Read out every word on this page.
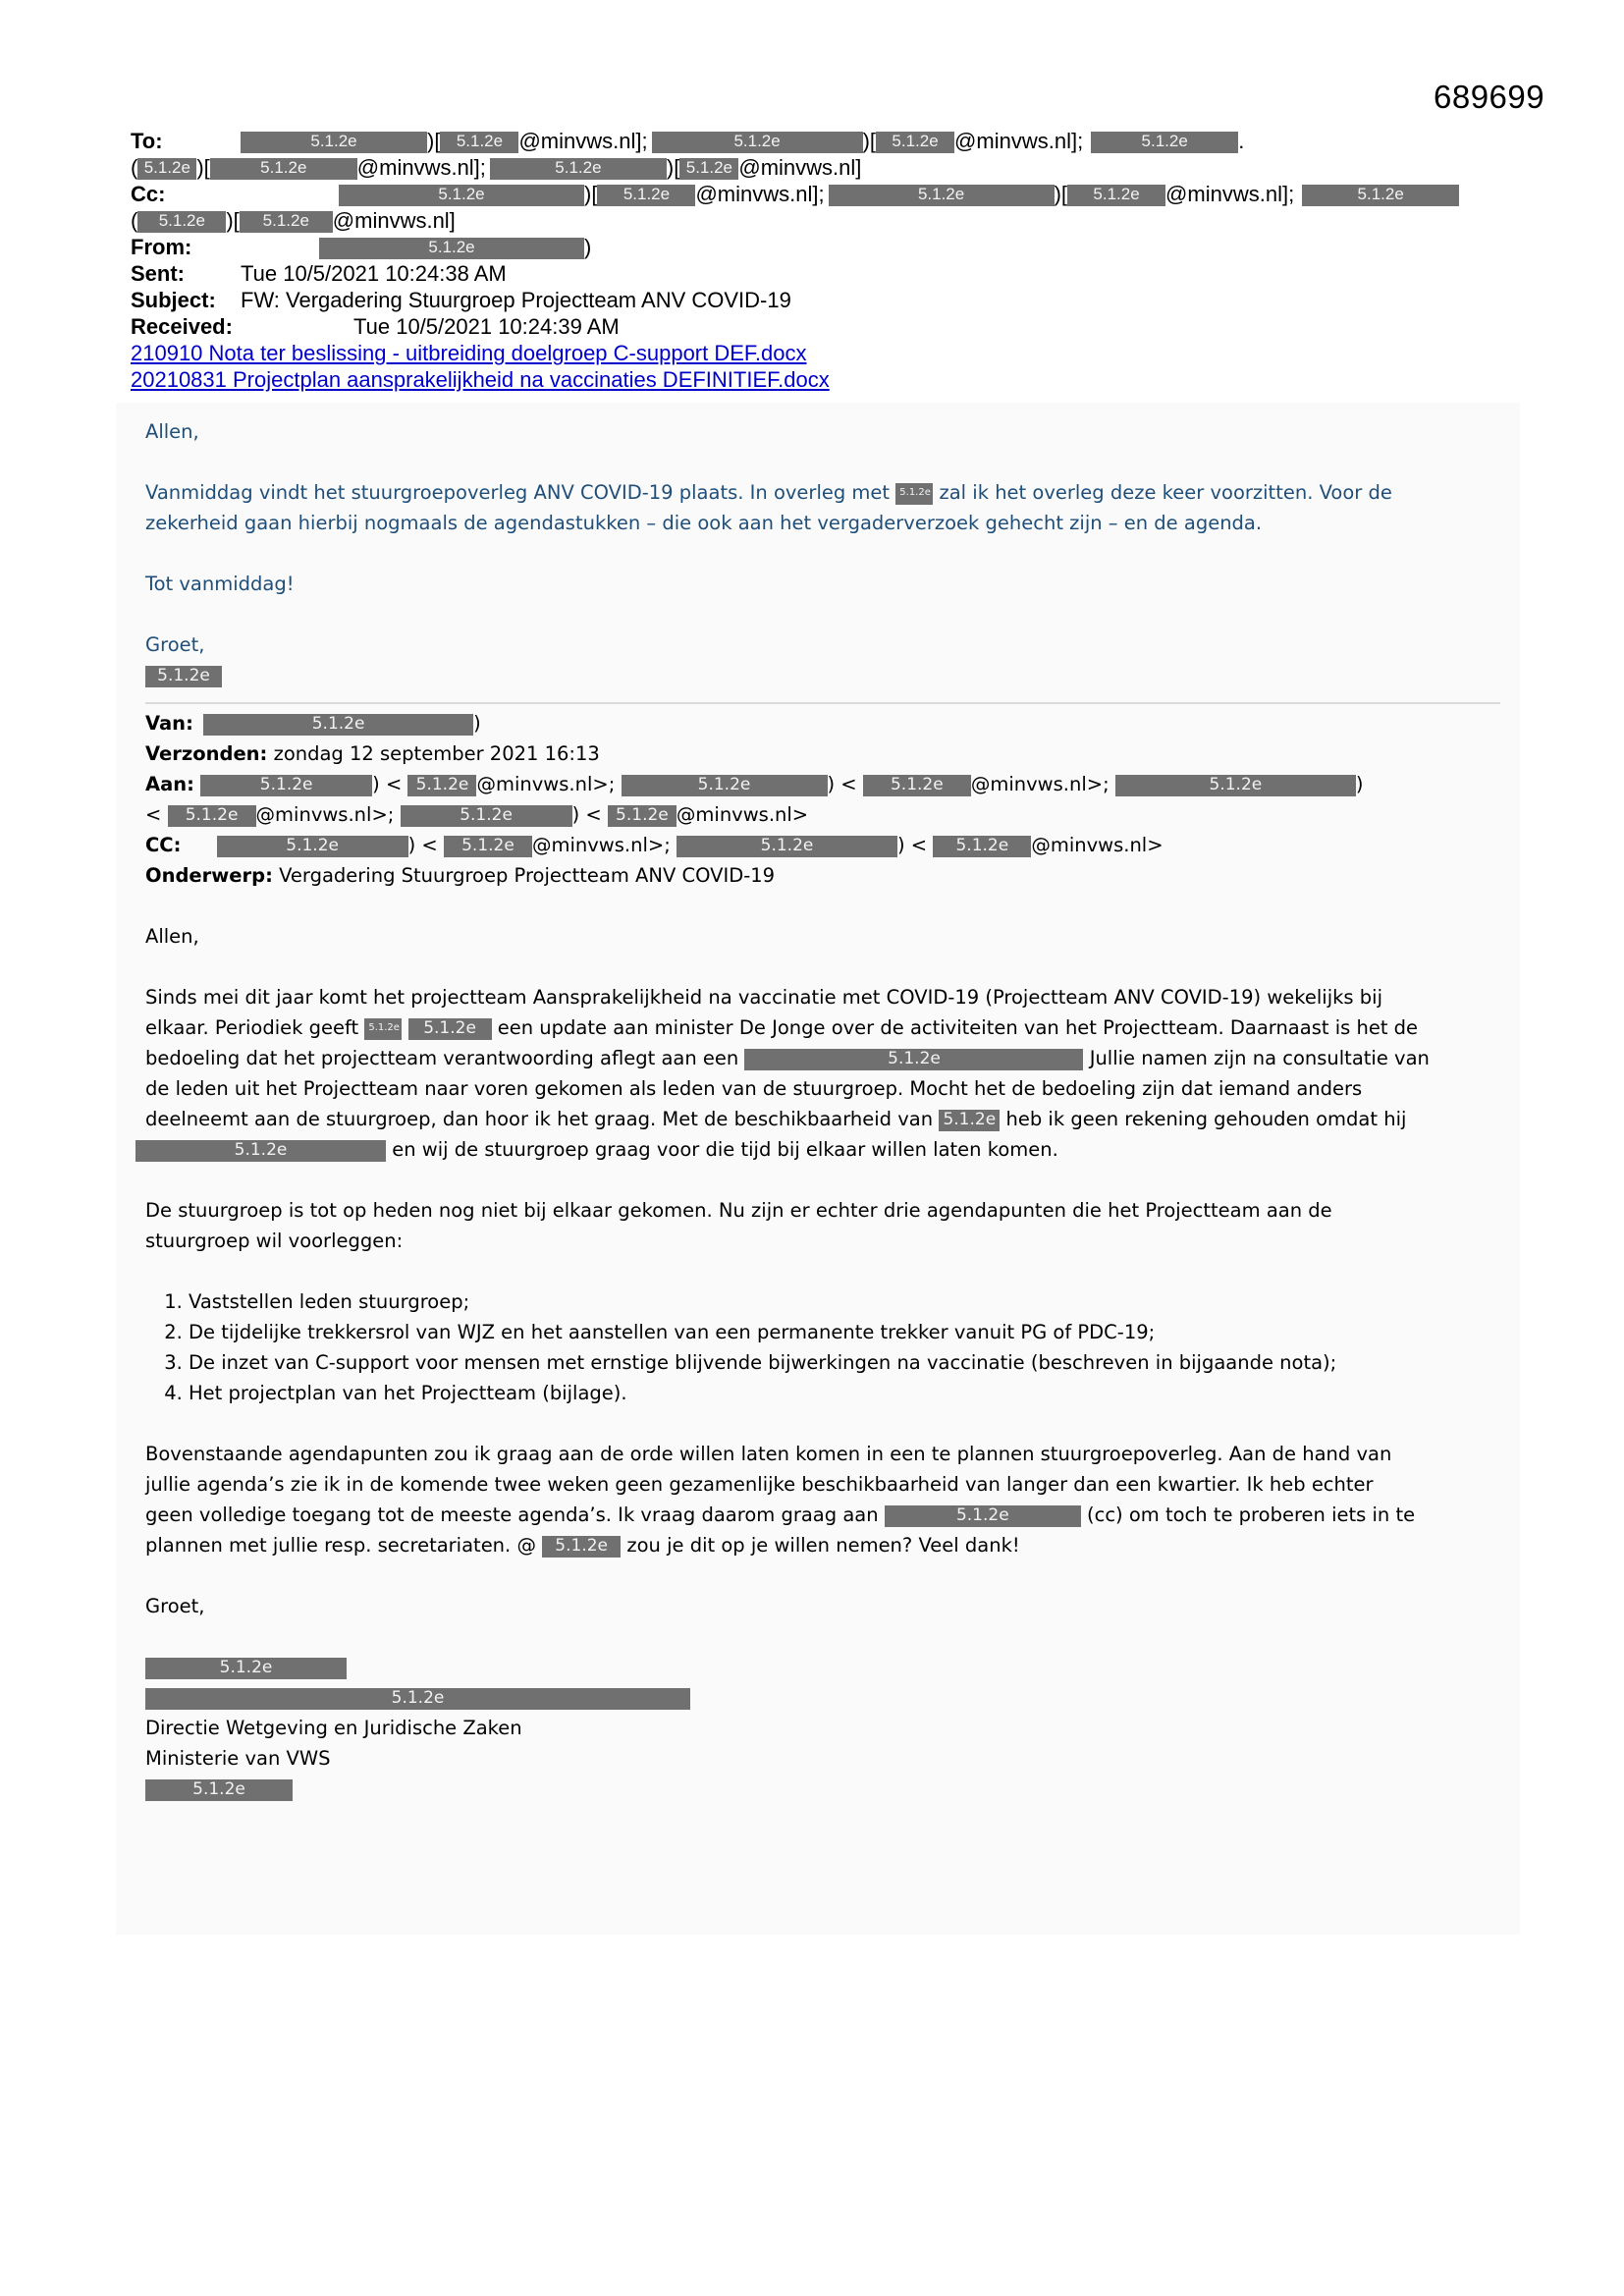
689699
To:	5.1.2e	)[ 5.1.2e @minvws.nl];	5.1.2e	)[ 5.1.2e @minvws.nl];	5.1.2e .
( 5.1.2e )[	5.1.2e @minvws.nl];	5.1.2e	)[ 5.1.2e @minvws.nl]
Cc:	5.1.2e	)[ 5.1.2e @minvws.nl];	5.1.2e	)[ 5.1.2e @minvws.nl];	5.1.2e
( 5.1.2e )[ 5.1.2e @minvws.nl]
From:	5.1.2e	)
Sent:	Tue 10/5/2021 10:24:38 AM
Subject: FW: Vergadering Stuurgroep Projectteam ANV COVID-19
Received:	Tue 10/5/2021 10:24:39 AM
210910 Nota ter beslissing - uitbreiding doelgroep C-support DEF.docx
20210831 Projectplan aansprakelijkheid na vaccinaties DEFINITIEF.docx

Allen,

Vanmiddag vindt het stuurgroepoverleg ANV COVID-19 plaats. In overleg met 5.1.2e zal ik het overleg deze keer voorzitten. Voor de

zekerheid gaan hierbij nogmaals de agendastukken – die ook aan het vergaderverzoek gehecht zijn – en de agenda.

Tot vanmiddag!

Groet,

5.1.2e

Van:	5.1.2e	)

Verzonden: zondag 12 september 2021 16:13

Aan:	5.1.2e	) < 5.1.2e @minvws.nl>;	5.1.2e	) < 5.1.2e @minvws.nl>;	5.1.2e	)

< 5.1.2e @minvws.nl>;	5.1.2e	) < 5.1.2e @minvws.nl>

CC:	5.1.2e	) < 5.1.2e @minvws.nl>;	5.1.2e	) < 5.1.2e @minvws.nl>

Onderwerp: Vergadering Stuurgroep Projectteam ANV COVID-19

Allen,

Sinds mei dit jaar komt het projectteam Aansprakelijkheid na vaccinatie met COVID-19 (Projectteam ANV COVID-19) wekelijks bij

elkaar. Periodiek geeft 5.1.2e 5.1.2e een update aan minister De Jonge over de activiteiten van het Projectteam. Daarnaast is het de

bedoeling dat het projectteam verantwoording aflegt aan een	5.1.2e	Jullie namen zijn na consultatie van

de leden uit het Projectteam naar voren gekomen als leden van de stuurgroep. Mocht het de bedoeling zijn dat iemand anders

deelneemt aan de stuurgroep, dan hoor ik het graag. Met de beschikbaarheid van 5.1.2e heb ik geen rekening gehouden omdat hij

5.1.2e	en wij de stuurgroep graag voor die tijd bij elkaar willen laten komen.

De stuurgroep is tot op heden nog niet bij elkaar gekomen. Nu zijn er echter drie agendapunten die het Projectteam aan de

stuurgroep wil voorleggen:

1. Vaststellen leden stuurgroep;
2. De tijdelijke trekkersrol van WJZ en het aanstellen van een permanente trekker vanuit PG of PDC-19;
3. De inzet van C-support voor mensen met ernstige blijvende bijwerkingen na vaccinatie (beschreven in bijgaande nota);
4. Het projectplan van het Projectteam (bijlage).

Bovenstaande agendapunten zou ik graag aan de orde willen laten komen in een te plannen stuurgroepoverleg. Aan de hand van

jullie agenda’s zie ik in de komende twee weken geen gezamenlijke beschikbaarheid van langer dan een kwartier. Ik heb echter

geen volledige toegang tot de meeste agenda’s. Ik vraag daarom graag aan	5.1.2e	(cc) om toch te proberen iets in te

plannen met jullie resp. secretariaten. @ 5.1.2e zou je dit op je willen nemen? Veel dank!

Groet,

5.1.2e

5.1.2e

Directie Wetgeving en Juridische Zaken

Ministerie van VWS

5.1.2e
